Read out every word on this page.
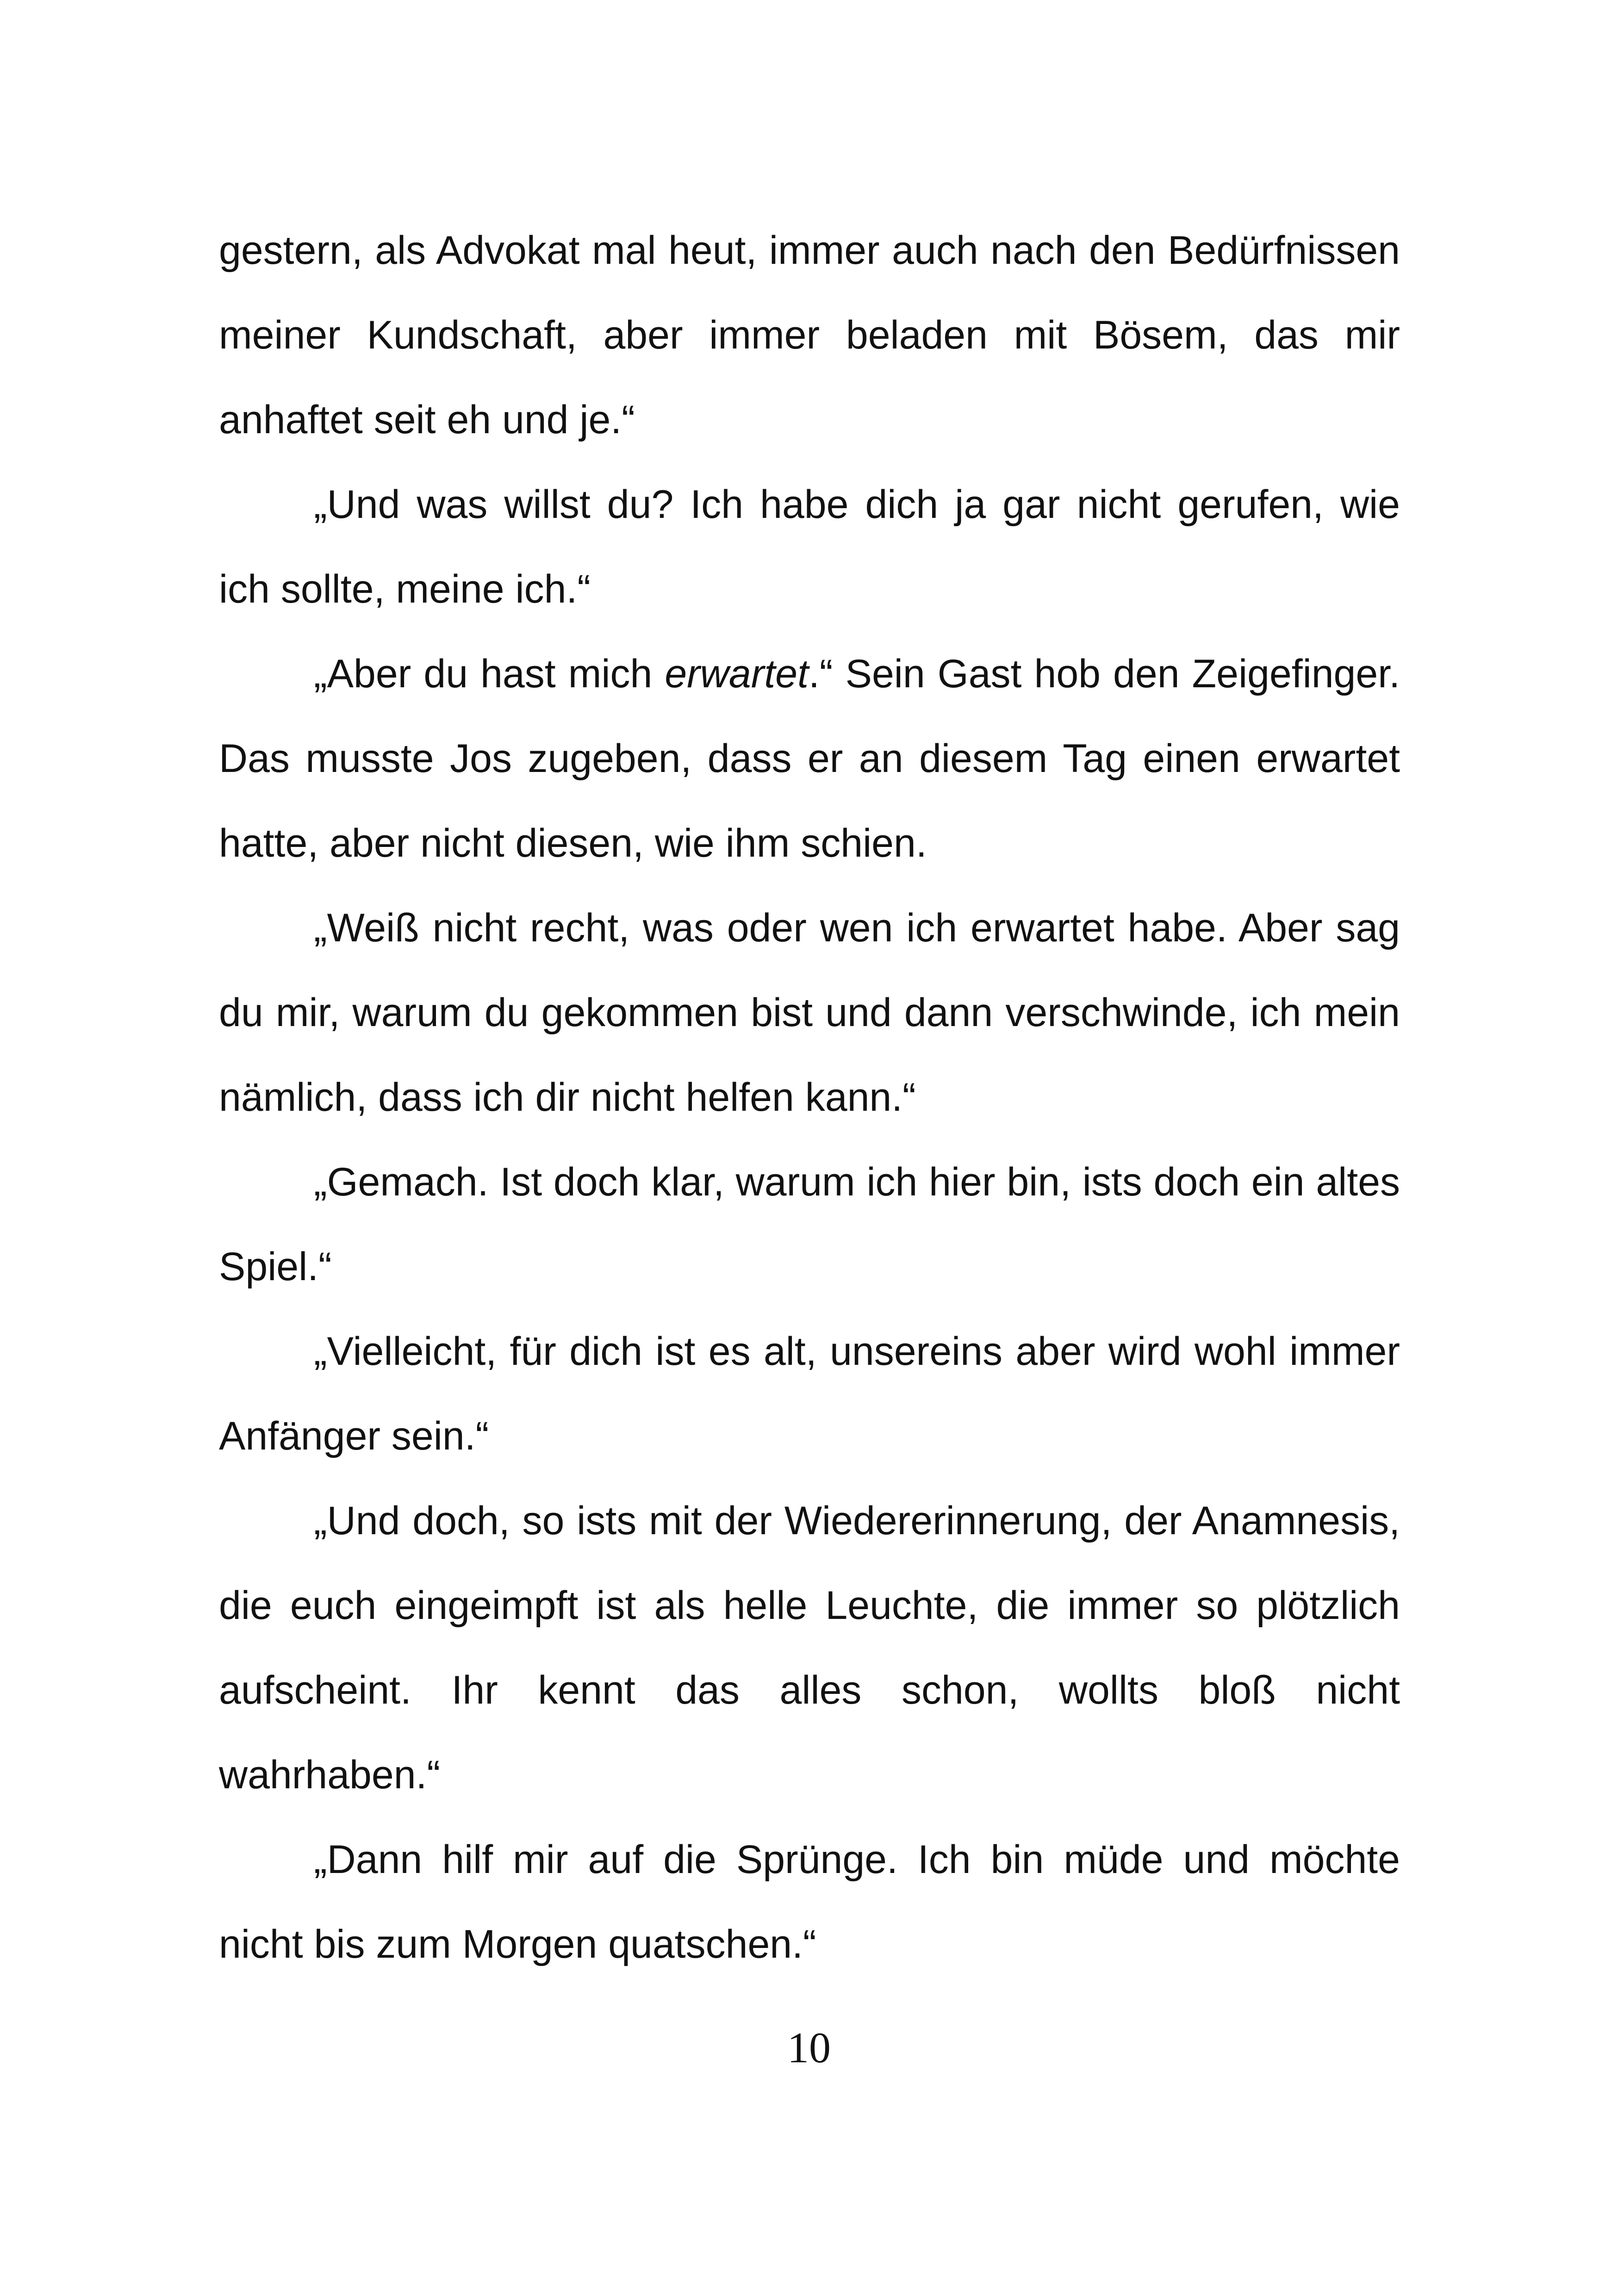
gestern, als Advokat mal heut, immer auch nach den Bedürfnissen meiner Kundschaft, aber immer beladen mit Bösem, das mir anhaftet seit eh und je.“

„Und was willst du? Ich habe dich ja gar nicht gerufen, wie ich sollte, meine ich.“

„Aber du hast mich erwartet.“ Sein Gast hob den Zeigefinger. Das musste Jos zugeben, dass er an diesem Tag einen erwartet hatte, aber nicht diesen, wie ihm schien.

„Weiß nicht recht, was oder wen ich erwartet habe. Aber sag du mir, warum du gekommen bist und dann verschwinde, ich mein nämlich, dass ich dir nicht helfen kann.“

„Gemach. Ist doch klar, warum ich hier bin, ists doch ein altes Spiel.“

„Vielleicht, für dich ist es alt, unsereins aber wird wohl immer Anfänger sein.“

„Und doch, so ists mit der Wiedererinnerung, der Anamnesis, die euch eingeimpft ist als helle Leuchte, die immer so plötzlich aufscheint. Ihr kennt das alles schon, wollts bloß nicht wahrhaben.“

„Dann hilf mir auf die Sprünge. Ich bin müde und möchte nicht bis zum Morgen quatschen.“

10
